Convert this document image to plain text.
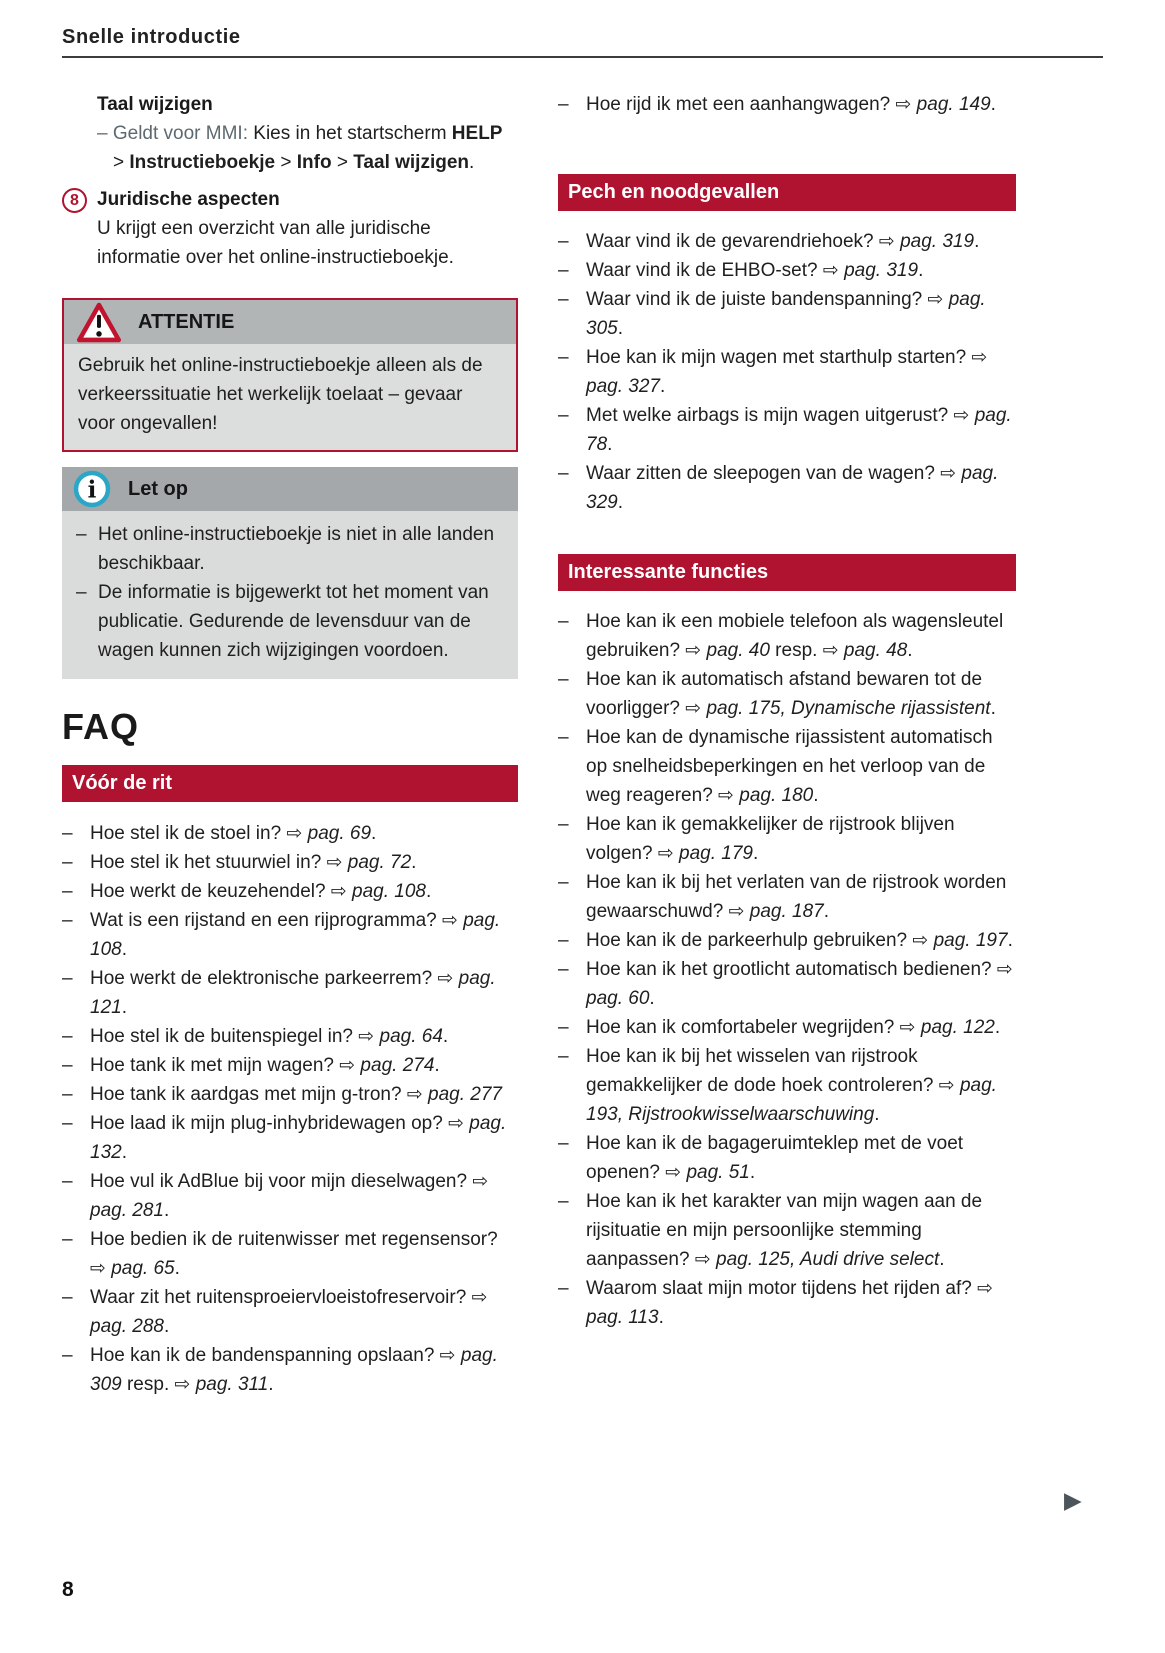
Snelle introductie
Taal wijzigen

– Geldt voor MMI: Kies in het startscherm HELP > Instructieboekje > Info > Taal wijzigen.

8 Juridische aspecten

U krijgt een overzicht van alle juridische informatie over het online-instructieboekje.

ATTENTIE
Gebruik het online-instructieboekje alleen als de verkeerssituatie het werkelijk toelaat – gevaar voor ongevallen!
i Let op
– Het online-instructieboekje is niet in alle landen beschikbaar.
– De informatie is bijgewerkt tot het moment van publicatie. Gedurende de levensduur van de wagen kunnen zich wijzigingen voordoen.
FAQ
Vóór de rit
– Hoe stel ik de stoel in? ⇨ pag. 69.
– Hoe stel ik het stuurwiel in? ⇨ pag. 72.
– Hoe werkt de keuzehendel? ⇨ pag. 108.
– Wat is een rijstand en een rijprogramma? ⇨ pag. 108.
– Hoe werkt de elektronische parkeerrem? ⇨ pag. 121.
– Hoe stel ik de buitenspiegel in? ⇨ pag. 64.
– Hoe tank ik met mijn wagen? ⇨ pag. 274.
– Hoe tank ik aardgas met mijn g-tron? ⇨ pag. 277
– Hoe laad ik mijn plug-inhybridewagen op? ⇨ pag. 132.
– Hoe vul ik AdBlue bij voor mijn dieselwagen? ⇨ pag. 281.
– Hoe bedien ik de ruitenwisser met regensensor? ⇨ pag. 65.
– Waar zit het ruitensproeiervloeistofreservoir? ⇨ pag. 288.
– Hoe kan ik de bandenspanning opslaan? ⇨ pag. 309 resp. ⇨ pag. 311.
– Hoe rijd ik met een aanhangwagen? ⇨ pag. 149.
Pech en noodgevallen
– Waar vind ik de gevarendriehoek? ⇨ pag. 319.
– Waar vind ik de EHBO-set? ⇨ pag. 319.
– Waar vind ik de juiste bandenspanning? ⇨ pag. 305.
– Hoe kan ik mijn wagen met starthulp starten? ⇨ pag. 327.
– Met welke airbags is mijn wagen uitgerust? ⇨ pag. 78.
– Waar zitten de sleepogen van de wagen? ⇨ pag. 329.
Interessante functies
– Hoe kan ik een mobiele telefoon als wagensleutel gebruiken? ⇨ pag. 40 resp. ⇨ pag. 48.
– Hoe kan ik automatisch afstand bewaren tot de voorligger? ⇨ pag. 175, Dynamische rijassistent.
– Hoe kan de dynamische rijassistent automatisch op snelheidsbeperkingen en het verloop van de weg reageren? ⇨ pag. 180.
– Hoe kan ik gemakkelijker de rijstrook blijven volgen? ⇨ pag. 179.
– Hoe kan ik bij het verlaten van de rijstrook worden gewaarschuwd? ⇨ pag. 187.
– Hoe kan ik de parkeerhulp gebruiken? ⇨ pag. 197.
– Hoe kan ik het grootlicht automatisch bedienen? ⇨ pag. 60.
– Hoe kan ik comfortabeler wegrijden? ⇨ pag. 122.
– Hoe kan ik bij het wisselen van rijstrook gemakkelijker de dode hoek controleren? ⇨ pag. 193, Rijstrookwisselwaarschuwing.
– Hoe kan ik de bagageruimteklep met de voet openen? ⇨ pag. 51.
– Hoe kan ik het karakter van mijn wagen aan de rijsituatie en mijn persoonlijke stemming aanpassen? ⇨ pag. 125, Audi drive select.
– Waarom slaat mijn motor tijdens het rijden af? ⇨ pag. 113.
8
▶
